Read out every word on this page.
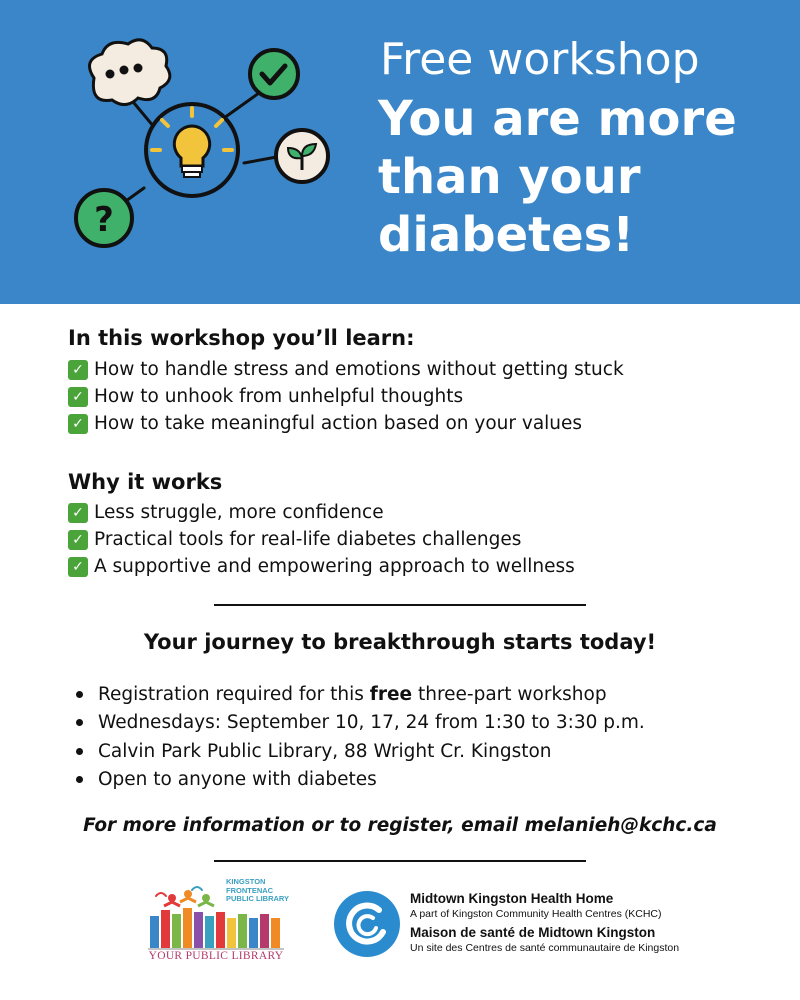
?
Free workshop
You are more than your diabetes!
In this workshop you’ll learn:
✓ How to handle stress and emotions without getting stuck
✓ How to unhook from unhelpful thoughts
✓ How to take meaningful action based on your values
Why it works
✓ Less struggle, more confidence
✓ Practical tools for real-life diabetes challenges
✓ A supportive and empowering approach to wellness
Your journey to breakthrough starts today!
Registration required for this free three-part workshop
Wednesdays: September 10, 17, 24 from 1:30 to 3:30 p.m.
Calvin Park Public Library, 88 Wright Cr. Kingston
Open to anyone with diabetes
For more information or to register, email melanieh@kchc.ca
KINGSTON
FRONTENAC
PUBLIC LIBRARY
YOUR PUBLIC LIBRARY
Midtown Kingston Health Home
A part of Kingston Community Health Centres (KCHC)
Maison de santé de Midtown Kingston
Un site des Centres de santé communautaire de Kingston
